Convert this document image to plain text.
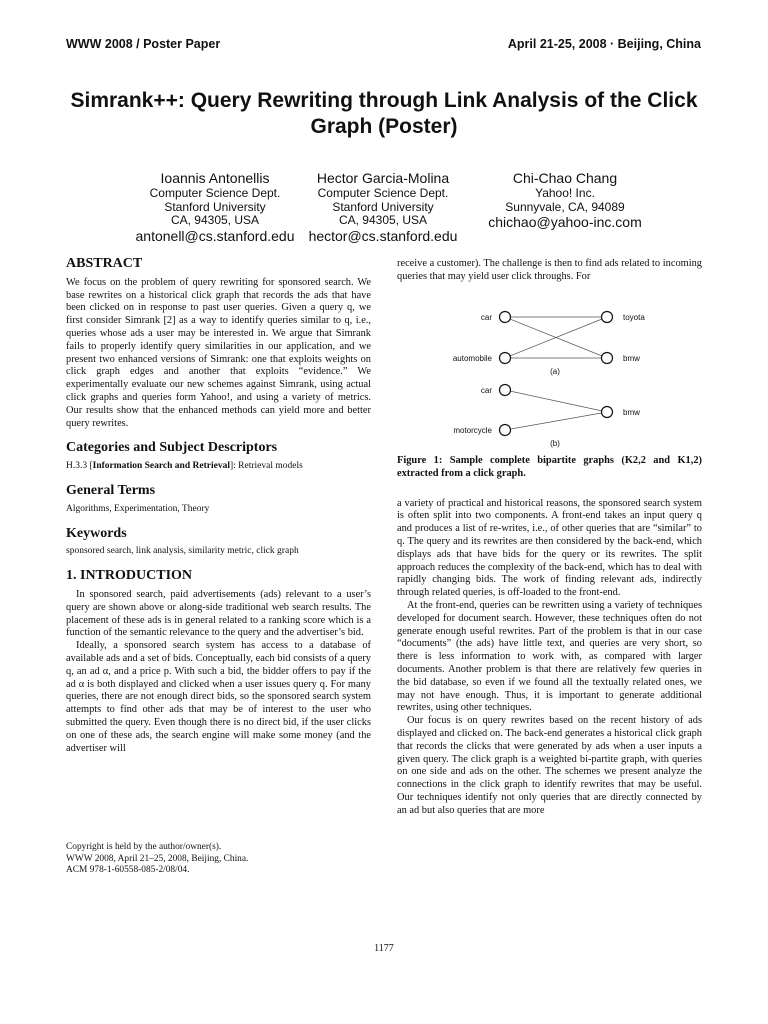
WWW 2008 / Poster Paper	April 21-25, 2008 · Beijing, China
Simrank++: Query Rewriting through Link Analysis of the Click Graph (Poster)
Ioannis Antonellis
Computer Science Dept.
Stanford University
CA, 94305, USA
antonell@cs.stanford.edu
Hector Garcia-Molina
Computer Science Dept.
Stanford University
CA, 94305, USA
hector@cs.stanford.edu
Chi-Chao Chang
Yahoo! Inc.
Sunnyvale, CA, 94089
chichao@yahoo-inc.com
ABSTRACT

We focus on the problem of query rewriting for sponsored search. We base rewrites on a historical click graph that records the ads that have been clicked on in response to past user queries. Given a query q, we first consider Simrank [2] as a way to identify queries similar to q, i.e., queries whose ads a user may be interested in. We argue that Simrank fails to properly identify query similarities in our application, and we present two enhanced versions of Simrank: one that exploits weights on click graph edges and another that exploits “evidence.” We experimentally evaluate our new schemes against Simrank, using actual click graphs and queries form Yahoo!, and using a variety of metrics. Our results show that the enhanced methods can yield more and better query rewrites.

Categories and Subject Descriptors

H.3.3 [Information Search and Retrieval]: Retrieval models

General Terms

Algorithms, Experimentation, Theory

Keywords

sponsored search, link analysis, similarity metric, click graph

1. INTRODUCTION

In sponsored search, paid advertisements (ads) relevant to a user’s query are shown above or along-side traditional web search results. The placement of these ads is in general related to a ranking score which is a function of the semantic relevance to the query and the advertiser’s bid.

Ideally, a sponsored search system has access to a database of available ads and a set of bids. Conceptually, each bid consists of a query q, an ad α, and a price p. With such a bid, the bidder offers to pay if the ad α is both displayed and clicked when a user issues query q. For many queries, there are not enough direct bids, so the sponsored search system attempts to find other ads that may be of interest to the user who submitted the query. Even though there is no direct bid, if the user clicks on one of these ads, the search engine will make some money (and the advertiser will

Copyright is held by the author/owner(s).
WWW 2008, April 21–25, 2008, Beijing, China.
ACM 978-1-60558-085-2/08/04.

receive a customer). The challenge is then to find ads related to incoming queries that may yield user click throughs. For

car
automobile
toyota
bmw
(a)
car
motorcycle
bmw
(b)

Figure 1: Sample complete bipartite graphs (K2,2 and K1,2) extracted from a click graph.

a variety of practical and historical reasons, the sponsored search system is often split into two components. A front-end takes an input query q and produces a list of re-writes, i.e., of other queries that are “similar” to q. The query and its rewrites are then considered by the back-end, which displays ads that have bids for the query or its rewrites. The split approach reduces the complexity of the back-end, which has to deal with rapidly changing bids. The work of finding relevant ads, indirectly through related queries, is off-loaded to the front-end.

At the front-end, queries can be rewritten using a variety of techniques developed for document search. However, these techniques often do not generate enough useful rewrites. Part of the problem is that in our case “documents” (the ads) have little text, and queries are very short, so there is less information to work with, as compared with larger documents. Another problem is that there are relatively few queries in the bid database, so even if we found all the textually related ones, we may not have enough. Thus, it is important to generate additional rewrites, using other techniques.

Our focus is on query rewrites based on the recent history of ads displayed and clicked on. The back-end generates a historical click graph that records the clicks that were generated by ads when a user inputs a given query. The click graph is a weighted bi-partite graph, with queries on one side and ads on the other. The schemes we present analyze the connections in the click graph to identify rewrites that may be useful. Our techniques identify not only queries that are directly connected by an ad but also queries that are more

1177
